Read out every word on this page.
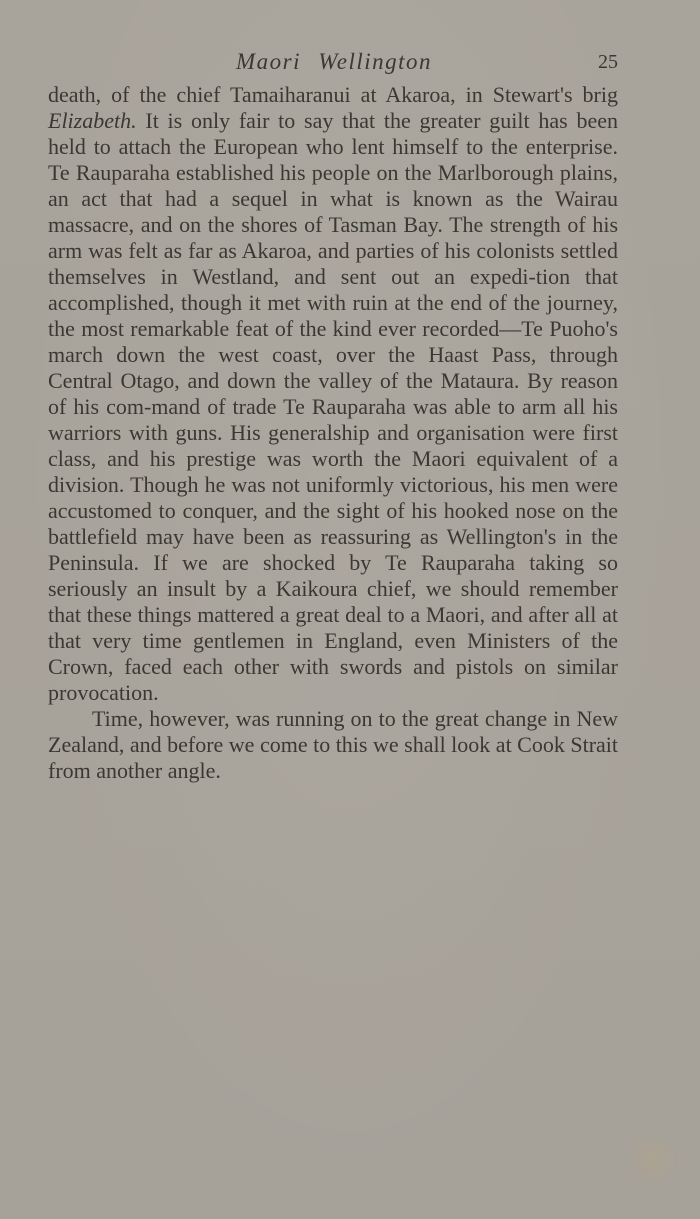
Maori Wellington	25

death, of the chief Tamaiharanui at Akaroa, in Stewart's brig Elizabeth. It is only fair to say that the greater guilt has been held to attach the European who lent himself to the enterprise. Te Rauparaha established his people on the Marlborough plains, an act that had a sequel in what is known as the Wairau massacre, and on the shores of Tasman Bay. The strength of his arm was felt as far as Akaroa, and parties of his colonists settled themselves in Westland, and sent out an expedi-tion that accomplished, though it met with ruin at the end of the journey, the most remarkable feat of the kind ever recorded—Te Puoho's march down the west coast, over the Haast Pass, through Central Otago, and down the valley of the Mataura. By reason of his com-mand of trade Te Rauparaha was able to arm all his warriors with guns. His generalship and organisation were first class, and his prestige was worth the Maori equivalent of a division. Though he was not uniformly victorious, his men were accustomed to conquer, and the sight of his hooked nose on the battlefield may have been as reassuring as Wellington's in the Peninsula. If we are shocked by Te Rauparaha taking so seriously an insult by a Kaikoura chief, we should remember that these things mattered a great deal to a Maori, and after all at that very time gentlemen in England, even Ministers of the Crown, faced each other with swords and pistols on similar provocation.

Time, however, was running on to the great change in New Zealand, and before we come to this we shall look at Cook Strait from another angle.
